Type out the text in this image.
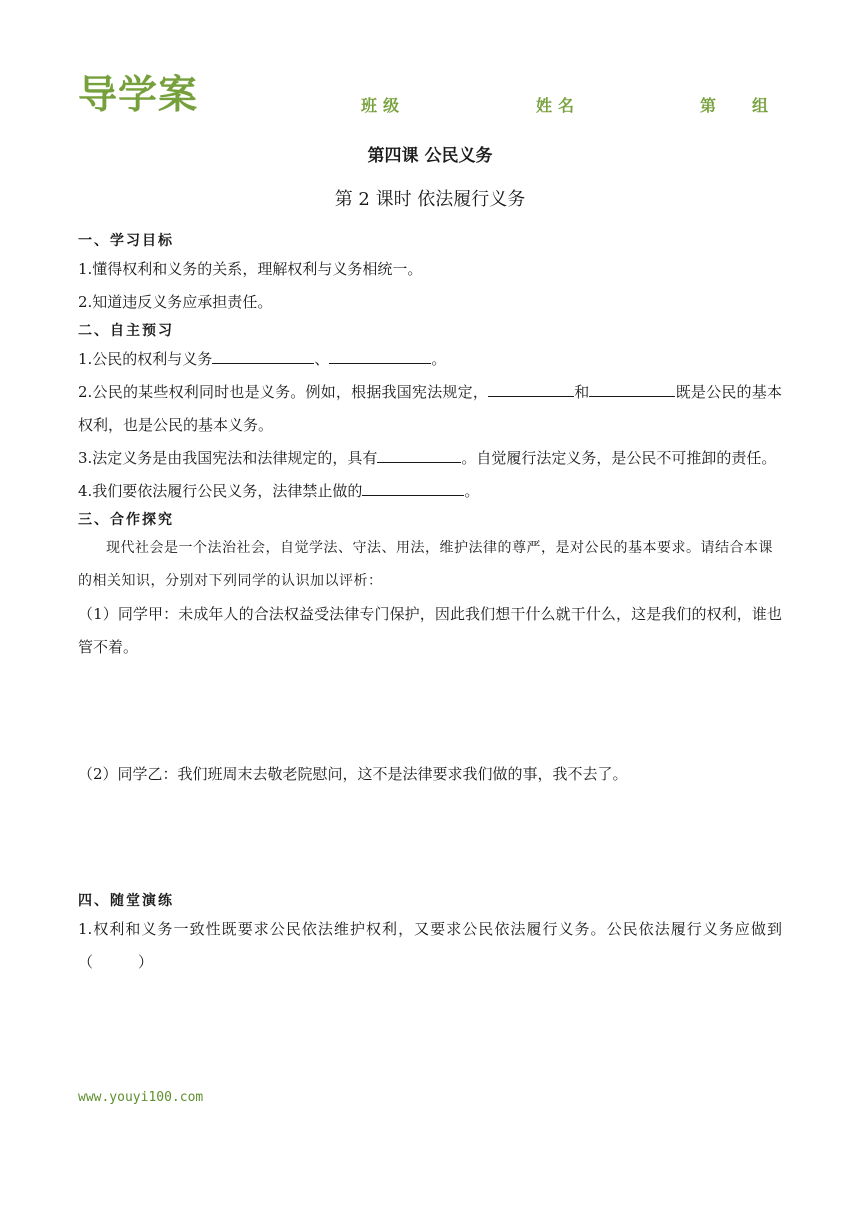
导学案	班级	姓名	第 组
第四课 公民义务
第 2 课时 依法履行义务
一、学习目标

1.懂得权利和义务的关系，理解权利与义务相统一。

2.知道违反义务应承担责任。

二、自主预习

1.公民的权利与义务	、	。

2.公民的某些权利同时也是义务。例如，根据我国宪法规定，	和	既是公民的基本权利，也是公民的基本义务。

3.法定义务是由我国宪法和法律规定的，具有	。自觉履行法定义务，是公民不可推卸的责任。

4.我们要依法履行公民义务，法律禁止做的	。

三、合作探究

现代社会是一个法治社会，自觉学法、守法、用法，维护法律的尊严，是对公民的基本要求。请结合本课的相关知识，分别对下列同学的认识加以评析：

（1）同学甲：未成年人的合法权益受法律专门保护，因此我们想干什么就干什么，这是我们的权利，谁也管不着。

（2）同学乙：我们班周末去敬老院慰问，这不是法律要求我们做的事，我不去了。

四、随堂演练

1.权利和义务一致性既要求公民依法维护权利，又要求公民依法履行义务。公民依法履行义务应做到（　　　）

www.youyi100.com
